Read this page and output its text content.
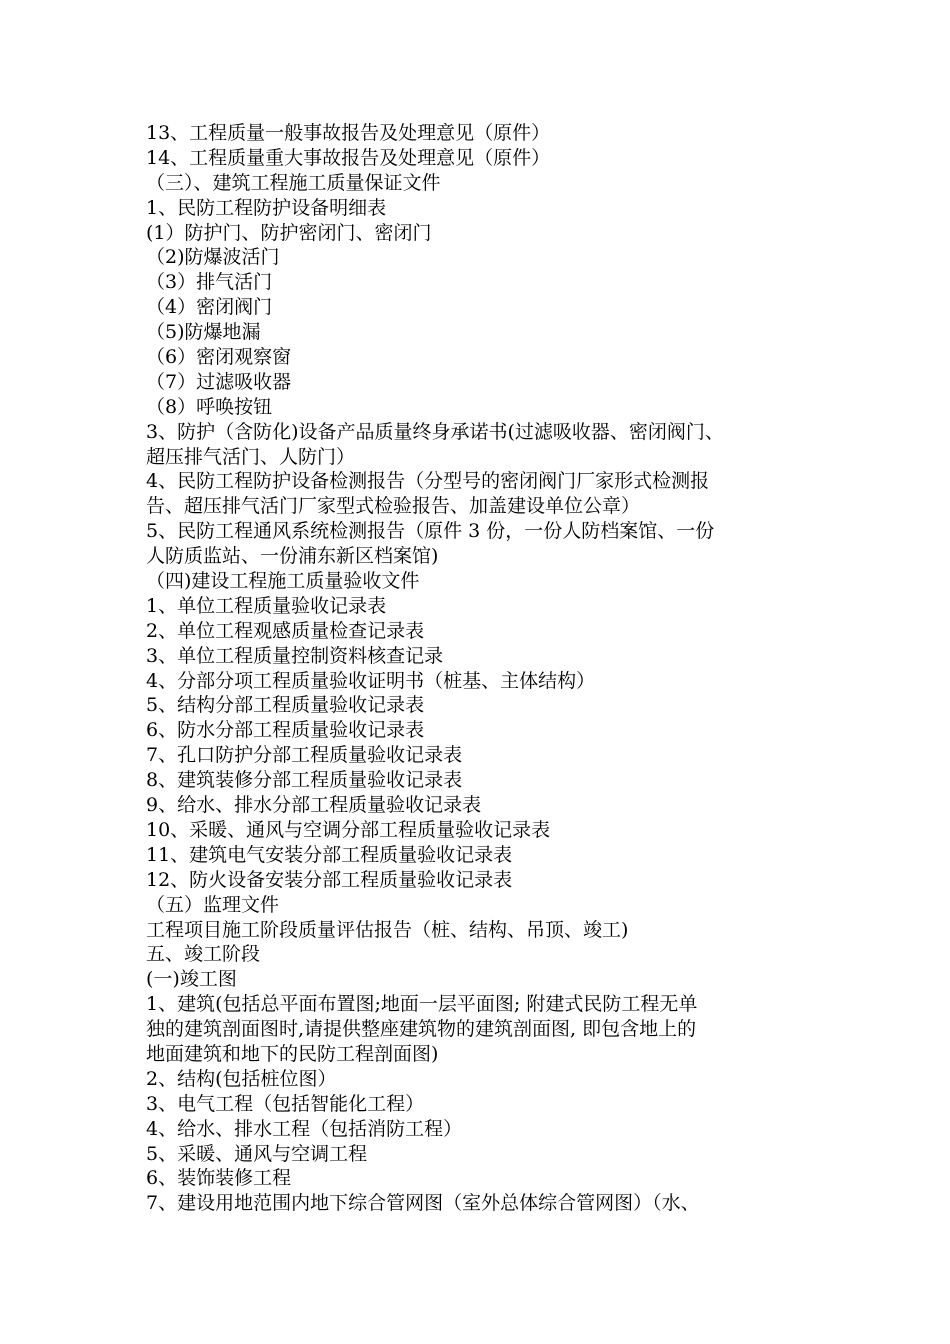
13、工程质量一般事故报告及处理意见（原件）
14、工程质量重大事故报告及处理意见（原件）
（三）、建筑工程施工质量保证文件
1、民防工程防护设备明细表
(1）防护门、防护密闭门、密闭门
（2)防爆波活门
（3）排气活门
（4）密闭阀门
（5)防爆地漏
（6）密闭观察窗
（7）过滤吸收器
（8）呼唤按钮
3、防护（含防化)设备产品质量终身承诺书(过滤吸收器、密闭阀门、
超压排气活门、人防门）
4、民防工程防护设备检测报告（分型号的密闭阀门厂家形式检测报
告、超压排气活门厂家型式检验报告、加盖建设单位公章）
5、民防工程通风系统检测报告（原件 3 份，一份人防档案馆、一份
人防质监站、一份浦东新区档案馆)
（四)建设工程施工质量验收文件
1、单位工程质量验收记录表
2、单位工程观感质量检查记录表
3、单位工程质量控制资料核查记录
4、分部分项工程质量验收证明书（桩基、主体结构）
5、结构分部工程质量验收记录表
6、防水分部工程质量验收记录表
7、孔口防护分部工程质量验收记录表
8、建筑装修分部工程质量验收记录表
9、给水、排水分部工程质量验收记录表
10、采暖、通风与空调分部工程质量验收记录表
11、建筑电气安装分部工程质量验收记录表
12、防火设备安装分部工程质量验收记录表
（五）监理文件
工程项目施工阶段质量评估报告（桩、结构、吊顶、竣工)
五、竣工阶段
(一)竣工图
1、建筑(包括总平面布置图;地面一层平面图; 附建式民防工程无单
独的建筑剖面图时,请提供整座建筑物的建筑剖面图, 即包含地上的
地面建筑和地下的民防工程剖面图)
2、结构(包括桩位图）
3、电气工程（包括智能化工程）
4、给水、排水工程（包括消防工程）
5、采暖、通风与空调工程
6、装饰装修工程
7、建设用地范围内地下综合管网图（室外总体综合管网图）（水、
